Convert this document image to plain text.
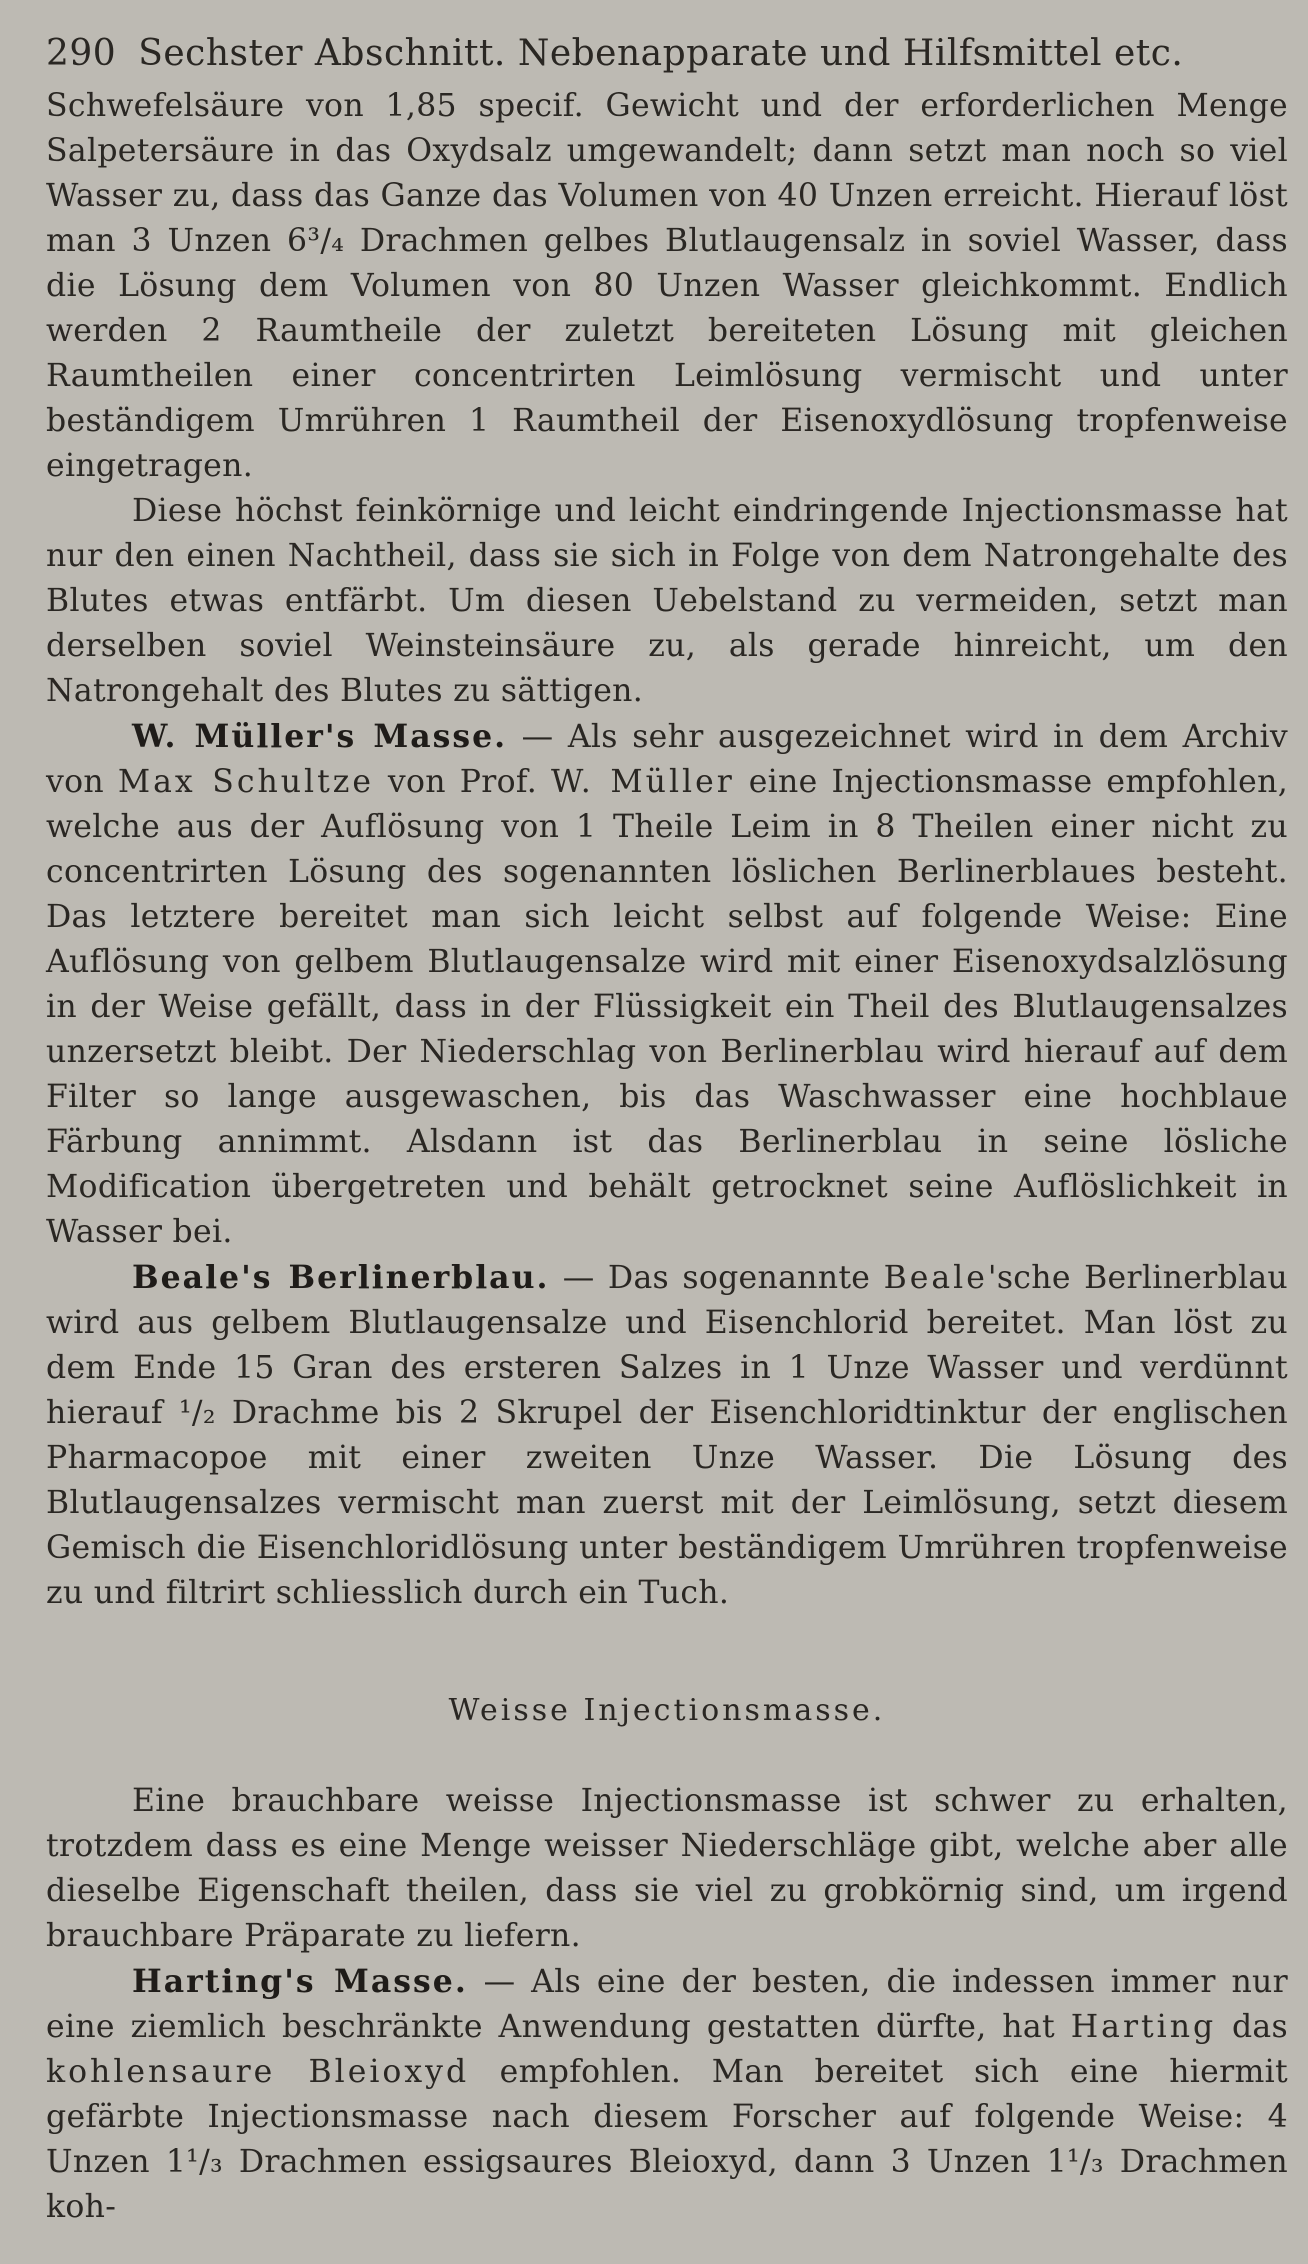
290 Sechster Abschnitt. Nebenapparate und Hilfsmittel etc.

Schwefelsäure von 1,85 specif. Gewicht und der erforderlichen Menge Salpetersäure in das Oxydsalz umgewandelt; dann setzt man noch so viel Wasser zu, dass das Ganze das Volumen von 40 Unzen erreicht. Hierauf löst man 3 Unzen 6³/₄ Drachmen gelbes Blutlaugensalz in soviel Wasser, dass die Lösung dem Volumen von 80 Unzen Wasser gleichkommt. Endlich werden 2 Raumtheile der zuletzt bereiteten Lösung mit gleichen Raumtheilen einer concentrirten Leimlösung vermischt und unter beständigem Umrühren 1 Raumtheil der Eisenoxydlösung tropfenweise eingetragen.

Diese höchst feinkörnige und leicht eindringende Injectionsmasse hat nur den einen Nachtheil, dass sie sich in Folge von dem Natrongehalte des Blutes etwas entfärbt. Um diesen Uebelstand zu vermeiden, setzt man derselben soviel Weinsteinsäure zu, als gerade hinreicht, um den Natrongehalt des Blutes zu sättigen.

W. Müller's Masse. — Als sehr ausgezeichnet wird in dem Archiv von Max Schultze von Prof. W. Müller eine Injectionsmasse empfohlen, welche aus der Auflösung von 1 Theile Leim in 8 Theilen einer nicht zu concentrirten Lösung des sogenannten löslichen Berlinerblaues besteht. Das letztere bereitet man sich leicht selbst auf folgende Weise: Eine Auflösung von gelbem Blutlaugensalze wird mit einer Eisenoxydsalzlösung in der Weise gefällt, dass in der Flüssigkeit ein Theil des Blutlaugensalzes unzersetzt bleibt. Der Niederschlag von Berlinerblau wird hierauf auf dem Filter so lange ausgewaschen, bis das Waschwasser eine hochblaue Färbung annimmt. Alsdann ist das Berlinerblau in seine lösliche Modification übergetreten und behält getrocknet seine Auflöslichkeit in Wasser bei.

Beale's Berlinerblau. — Das sogenannte Beale'sche Berlinerblau wird aus gelbem Blutlaugensalze und Eisenchlorid bereitet. Man löst zu dem Ende 15 Gran des ersteren Salzes in 1 Unze Wasser und verdünnt hierauf ¹/₂ Drachme bis 2 Skrupel der Eisenchloridtinktur der englischen Pharmacopoe mit einer zweiten Unze Wasser. Die Lösung des Blutlaugensalzes vermischt man zuerst mit der Leimlösung, setzt diesem Gemisch die Eisenchloridlösung unter beständigem Umrühren tropfenweise zu und filtrirt schliesslich durch ein Tuch.

Weisse Injectionsmasse.

Eine brauchbare weisse Injectionsmasse ist schwer zu erhalten, trotzdem dass es eine Menge weisser Niederschläge gibt, welche aber alle dieselbe Eigenschaft theilen, dass sie viel zu grobkörnig sind, um irgend brauchbare Präparate zu liefern.

Harting's Masse. — Als eine der besten, die indessen immer nur eine ziemlich beschränkte Anwendung gestatten dürfte, hat Harting das kohlensaure Bleioxyd empfohlen. Man bereitet sich eine hiermit gefärbte Injectionsmasse nach diesem Forscher auf folgende Weise: 4 Unzen 1¹/₃ Drachmen essigsaures Bleioxyd, dann 3 Unzen 1¹/₃ Drachmen koh-
